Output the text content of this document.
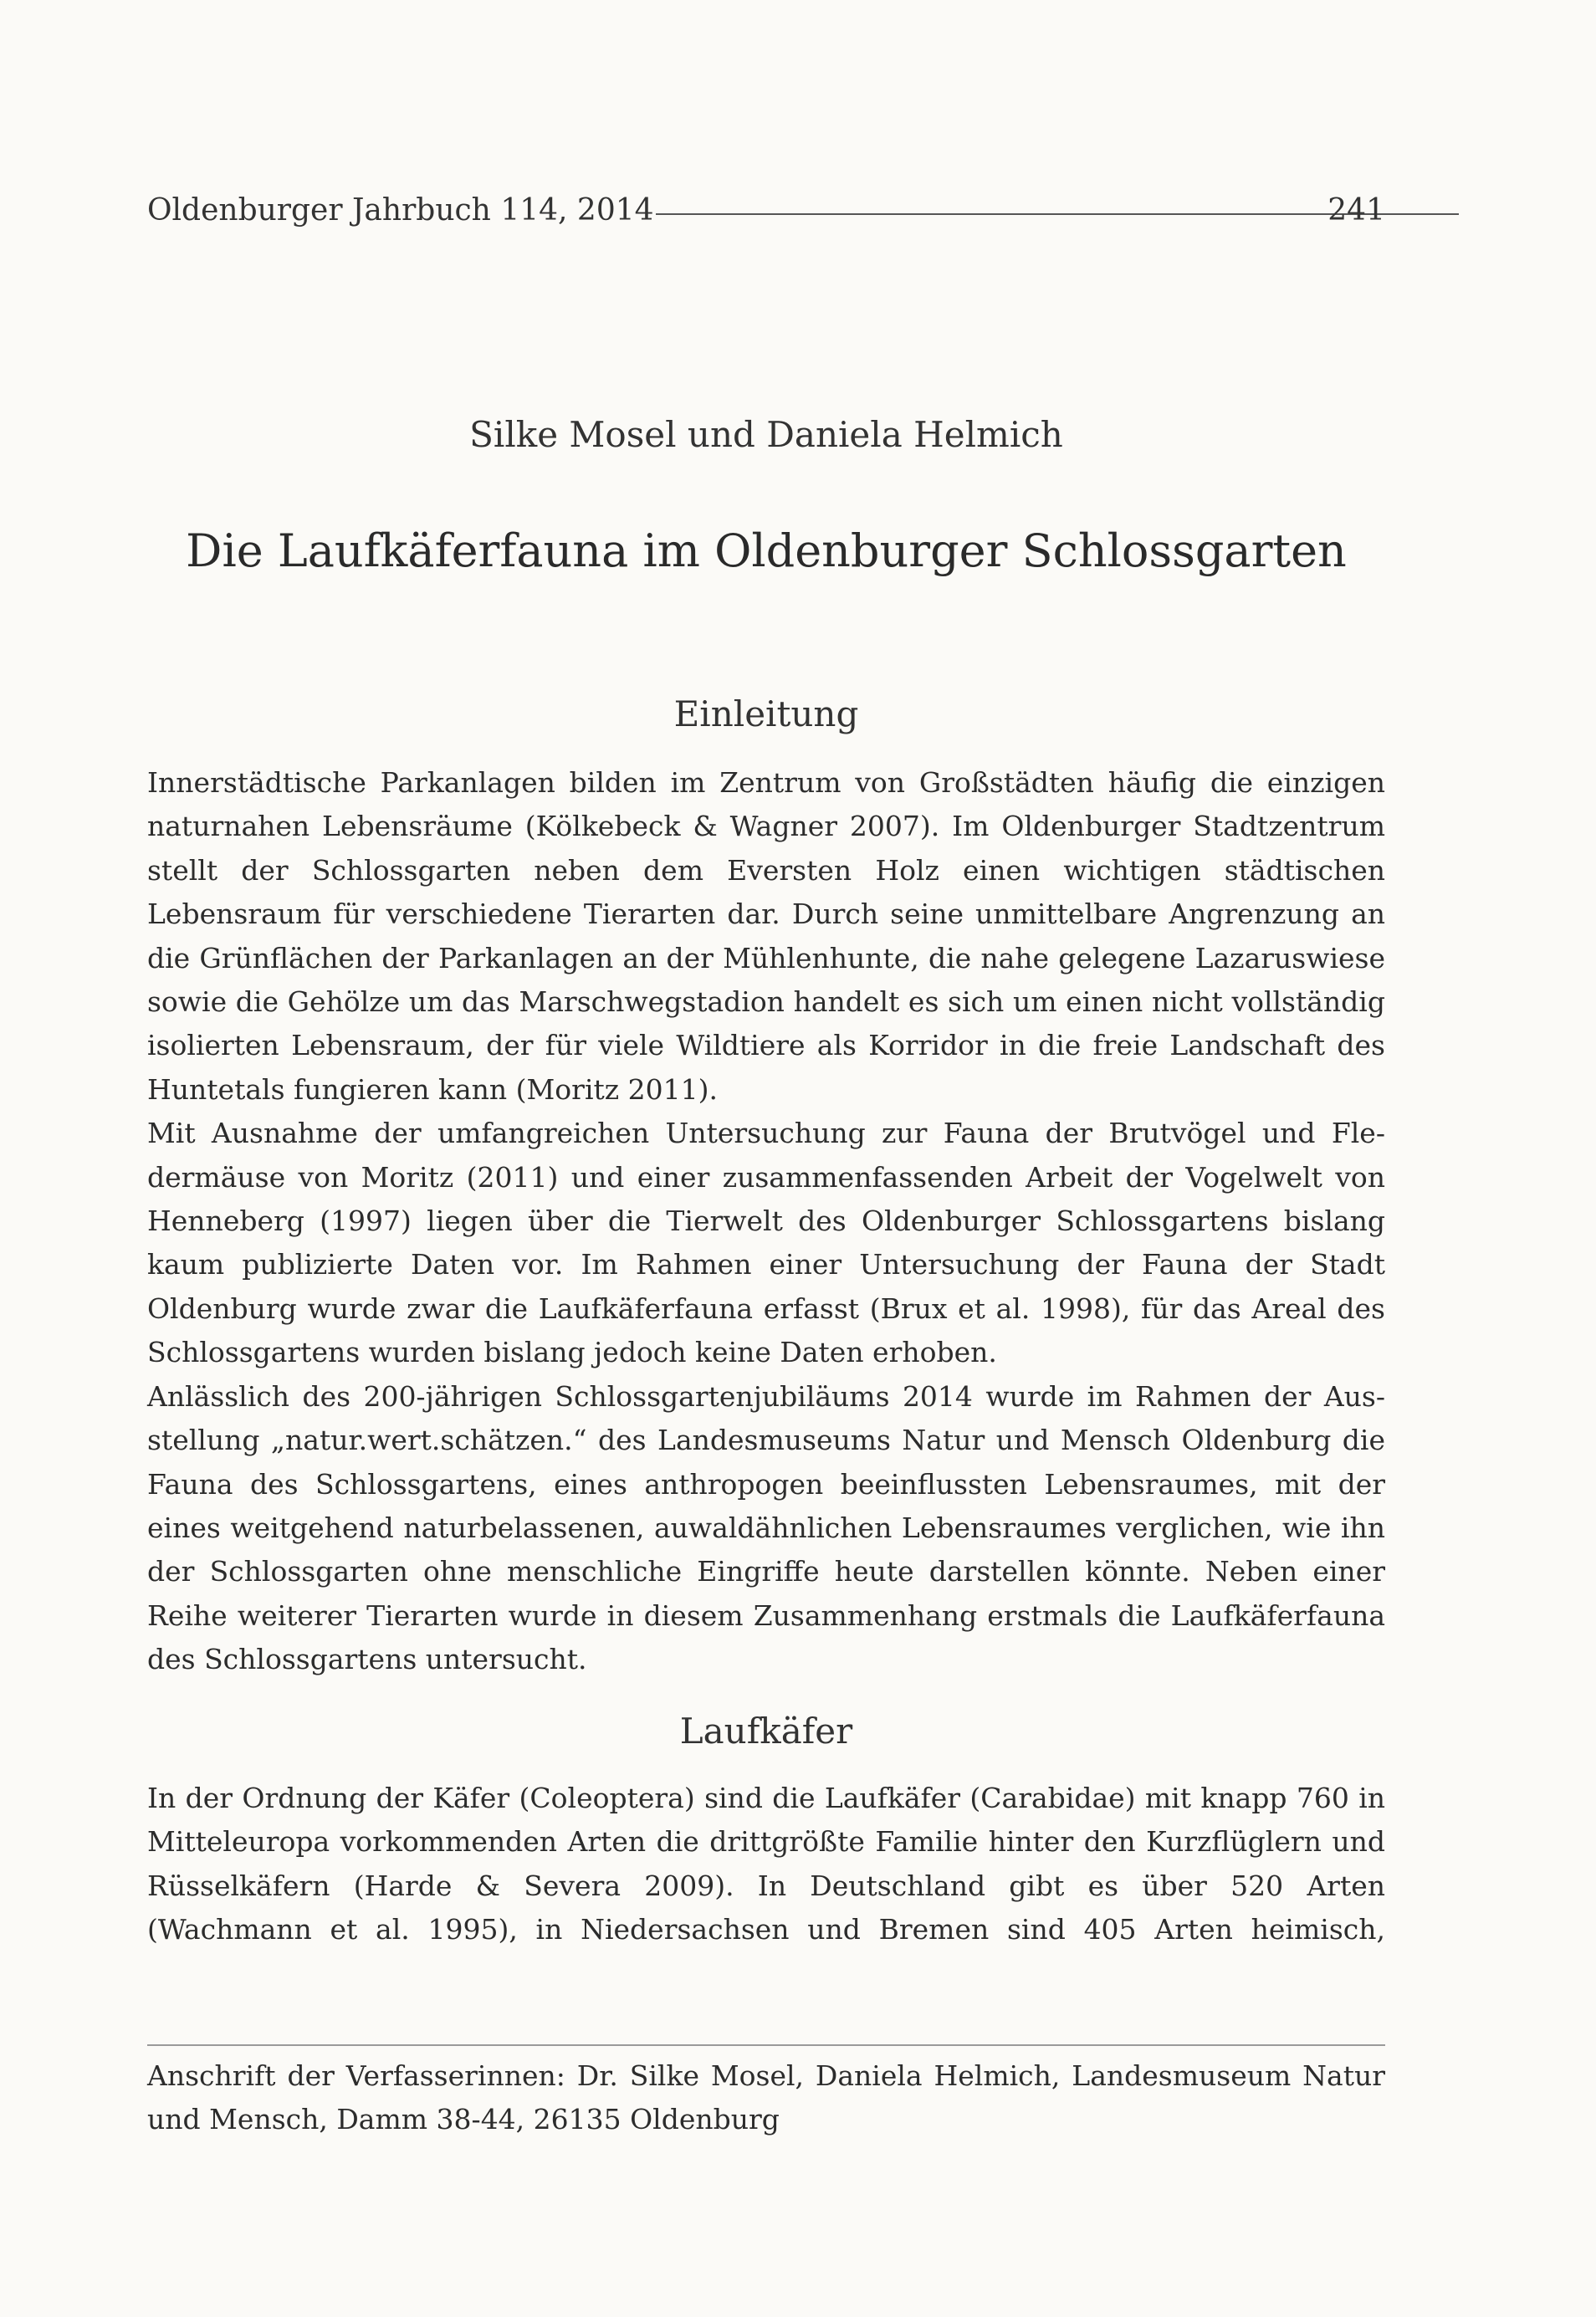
Oldenburger Jahrbuch 114, 2014	241
Silke Mosel und Daniela Helmich
Die Laufkäferfauna im Oldenburger Schlossgarten
Einleitung

Innerstädtische Parkanlagen bilden im Zentrum von Großstädten häufig die einzigen naturnahen Lebensräume (Kölkebeck & Wagner 2007). Im Oldenburger Stadtzentrum stellt der Schlossgarten neben dem Eversten Holz einen wichtigen städtischen Lebensraum für verschiedene Tierarten dar. Durch seine unmittelbare Angrenzung an die Grünflächen der Parkanlagen an der Mühlenhunte, die nahe gelegene Lazaruswiese sowie die Gehölze um das Marschwegstadion handelt es sich um einen nicht vollständig isolierten Lebensraum, der für viele Wildtiere als Korridor in die freie Landschaft des Huntetals fungieren kann (Moritz 2011).

Mit Ausnahme der umfangreichen Untersuchung zur Fauna der Brutvögel und Fledermäuse von Moritz (2011) und einer zusammenfassenden Arbeit der Vogelwelt von Henneberg (1997) liegen über die Tierwelt des Oldenburger Schlossgartens bislang kaum publizierte Daten vor. Im Rahmen einer Untersuchung der Fauna der Stadt Oldenburg wurde zwar die Laufkäferfauna erfasst (Brux et al. 1998), für das Areal des Schlossgartens wurden bislang jedoch keine Daten erhoben.

Anlässlich des 200-jährigen Schlossgartenjubiläums 2014 wurde im Rahmen der Ausstellung „natur.wert.schätzen.“ des Landesmuseums Natur und Mensch Oldenburg die Fauna des Schlossgartens, eines anthropogen beeinflussten Lebensraumes, mit der eines weitgehend naturbelassenen, auwaldähnlichen Lebensraumes verglichen, wie ihn der Schlossgarten ohne menschliche Eingriffe heute darstellen könnte. Neben einer Reihe weiterer Tierarten wurde in diesem Zusammenhang erstmals die Laufkäferfauna des Schlossgartens untersucht.

Laufkäfer

In der Ordnung der Käfer (Coleoptera) sind die Laufkäfer (Carabidae) mit knapp 760 in Mitteleuropa vorkommenden Arten die drittgrößte Familie hinter den Kurzflüglern und Rüsselkäfern (Harde & Severa 2009). In Deutschland gibt es über 520 Arten (Wachmann et al. 1995), in Niedersachsen und Bremen sind 405 Arten heimisch,

Anschrift der Verfasserinnen: Dr. Silke Mosel, Daniela Helmich, Landesmuseum Natur und Mensch, Damm 38-44, 26135 Oldenburg
